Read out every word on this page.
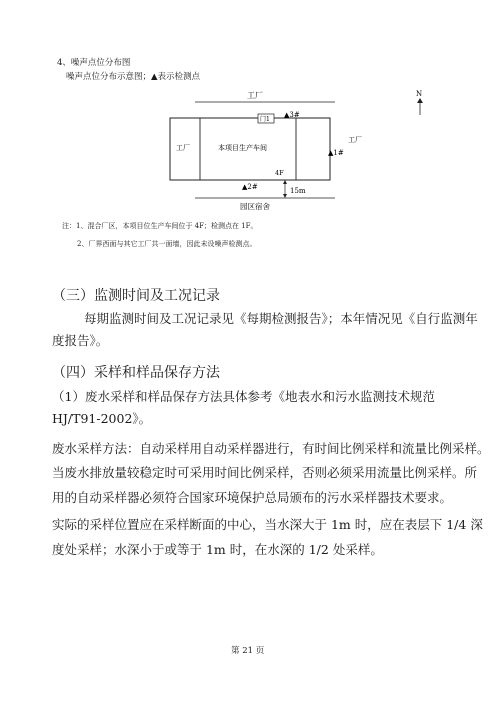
4、噪声点位分布图
噪声点位分布示意图；▲表示检测点
工厂
门1
▲3#
本项目生产车间
4F
工厂
▲1#
工厂
▲2#	15m
园区宿舍
N
注：1、混合厂区，本项目位生产车间位于 4F；检测点在 1F。
2、厂界西面与其它工厂共一面墙，因此未设噪声检测点。
（三）监测时间及工况记录
每期监测时间及工况记录见《每期检测报告》；本年情况见《自行监测年
度报告》。
（四）采样和样品保存方法
（1）废水采样和样品保存方法具体参考《地表水和污水监测技术规范
HJ/T91-2002》。
废水采样方法：自动采样用自动采样器进行，有时间比例采样和流量比例采样。
当废水排放量较稳定时可采用时间比例采样，否则必须采用流量比例采样。所
用的自动采样器必须符合国家环境保护总局颁布的污水采样器技术要求。
实际的采样位置应在采样断面的中心，当水深大于 1m 时，应在表层下 1/4 深
度处采样；水深小于或等于 1m 时，在水深的 1/2 处采样。
第 21 页
